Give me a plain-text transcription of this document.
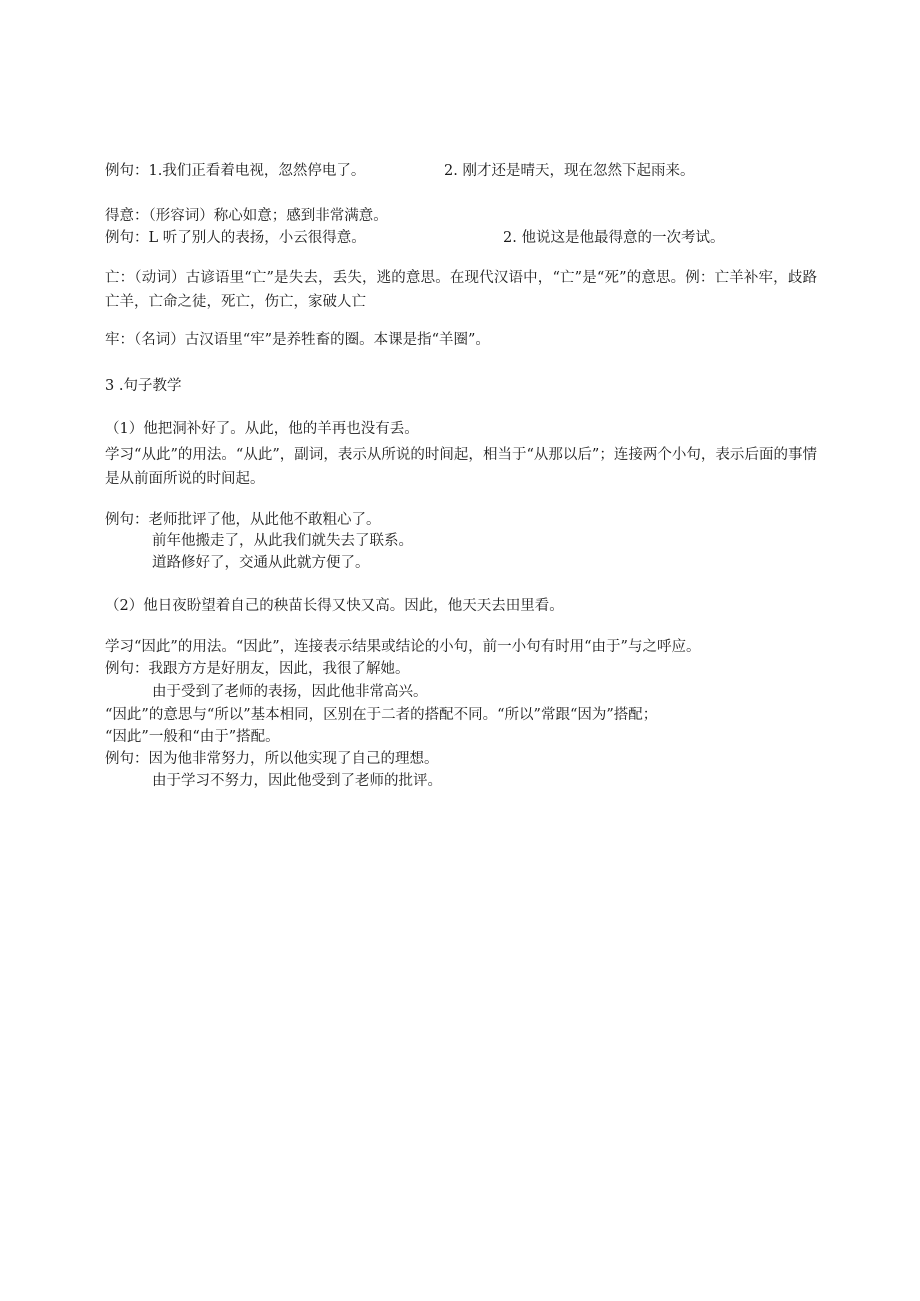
例句：1.我们正看着电视，忽然停电了。	2. 刚才还是晴天，现在忽然下起雨来。
得意：（形容词）称心如意；感到非常满意。
例句：L 听了别人的表扬，小云很得意。	2. 他说这是他最得意的一次考试。
亡：（动词）古谚语里“亡”是失去，丢失，逃的意思。在现代汉语中，“亡”是“死”的意思。例：亡羊补牢，歧路亡羊，亡命之徒，死亡，伤亡，家破人亡
牢：（名词）古汉语里“牢”是养牲畜的圈。本课是指“羊圈”。
3 .句子教学
（1）他把洞补好了。从此，他的羊再也没有丢。
学习“从此”的用法。“从此”，副词，表示从所说的时间起，相当于“从那以后”；连接两个小句，表示后面的事情是从前面所说的时间起。
例句：老师批评了他，从此他不敢粗心了。
前年他搬走了，从此我们就失去了联系。
道路修好了，交通从此就方便了。
（2）他日夜盼望着自己的秧苗长得又快又高。因此，他天天去田里看。
学习“因此”的用法。“因此”，连接表示结果或结论的小句，前一小句有时用“由于”与之呼应。
例句：我跟方方是好朋友，因此，我很了解她。
由于受到了老师的表扬，因此他非常高兴。
“因此”的意思与“所以”基本相同，区别在于二者的搭配不同。“所以”常跟“因为”搭配；
“因此”一般和“由于”搭配。
例句：因为他非常努力，所以他实现了自己的理想。
由于学习不努力，因此他受到了老师的批评。
